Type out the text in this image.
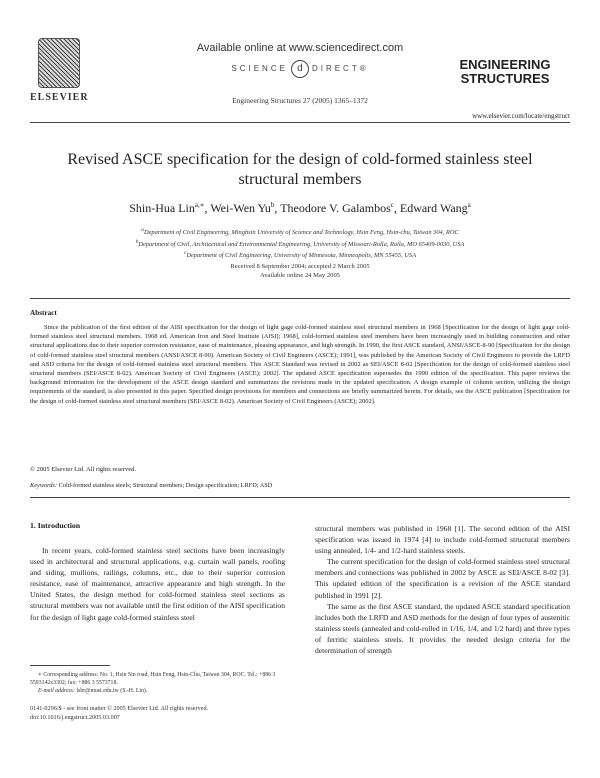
ELSEVIER
Available online at www.sciencedirect.com
SCIENCE d DIRECT®
Engineering Structures 27 (2005) 1365–1372
ENGINEERING
STRUCTURES
www.elsevier.com/locate/engstruct
Revised ASCE specification for the design of cold-formed stainless steel structural members
Shin-Hua Lin$^{a,∗}$, Wei-Wen Yu$^b$, Theodore V. Galambos$^c$, Edward Wang$^a$
$^a$Department of Civil Engineering, Minghsin University of Science and Technology, Hsin Feng, Hsin-chu, Taiwan 304, ROC
$^b$Department of Civil, Architectural and Environmental Engineering, University of Missouri-Rolla, Rolla, MO 65409-0030, USA
$^c$Department of Civil Engineering, University of Minnesota, Minneapolis, MN 55455, USA
Received 8 September 2004; accepted 2 March 2005
Available online 24 May 2005
Abstract
Since the publication of the first edition of the AISI specification for the design of light gage cold-formed stainless steel structural members in 1968 [Specification for the design of light gage cold-formed stainless steel structural members. 1968 ed. American Iron and Steel Institute (AISI); 1968], cold-formed stainless steel members have been increasingly used in building construction and other structural applications due to their superior corrosion resistance, ease of maintenance, pleasing appearance, and high strength. In 1990, the first ASCE standard, ANSI/ASCE-8-90 [Specification for the design of cold-formed stainless steel structural members (ANSI/ASCE 8-90). American Society of Civil Engineers (ASCE); 1991], was published by the American Society of Civil Engineers to provide the LRFD and ASD criteria for the design of cold-formed stainless steel structural members. This ASCE Standard was revised in 2002 as SEI/ASCE 8-02 [Specification for the design of cold-formed stainless steel structural members (SEI/ASCE 8-02). American Society of Civil Engineers (ASCE); 2002]. The updated ASCE specification supersedes the 1990 edition of the specification. This paper reviews the background information for the development of the ASCE design standard and summarizes the revisions made in the updated specification. A design example of column section, utilizing the design requirements of the standard, is also presented in this paper. Specified design provisions for members and connections are briefly summarized herein. For details, see the ASCE publication [Specification for the design of cold-formed stainless steel structural members (SEI/ASCE 8-02). American Society of Civil Engineers (ASCE); 2002].
© 2005 Elsevier Ltd. All rights reserved.
Keywords: Cold-formed stainless steels; Structural members; Design specification; LRFD; ASD
1. Introduction
In recent years, cold-formed stainless steel sections have been increasingly used in architectural and structural applications, e.g. curtain wall panels, roofing and siding, mullions, railings, columns, etc., due to their superior corrosion resistance, ease of maintenance, attractive appearance and high strength. In the United States, the design method for cold-formed stainless steel sections as structural members was not available until the first edition of the AISI specification for the design of light gage cold-formed stainless steel
∗ Corresponding address: No. 1, Hsin Sin road, Hsin Feng, Hsin-Chu, Taiwan 304, ROC. Tel.: +886 3 5593142x3302; fax: +886 3 5573718.
E-mail address: lshr@must.edu.tw (S.-H. Lin).
0141-0296/$ - see front matter © 2005 Elsevier Ltd. All rights reserved.
doi:10.1016/j.engstruct.2005.03.007

structural members was published in 1968 [1]. The second edition of the AISI specification was issued in 1974 [4] to include cold-formed structural members using annealed, 1/4- and 1/2-hard stainless steels.

The current specification for the design of cold-formed stainless steel structural members and connections was published in 2002 by ASCE as SEI/ASCE 8-02 [3]. This updated edition of the specification is a revision of the ASCE standard published in 1991 [2].

The same as the first ASCE standard, the updated ASCE standard specification includes both the LRFD and ASD methods for the design of four types of austenitic stainless steels (annealed and cold-rolled in 1/16, 1/4, and 1/2 hard) and three types of ferritic stainless steels. It provides the needed design criteria for the determination of strength
